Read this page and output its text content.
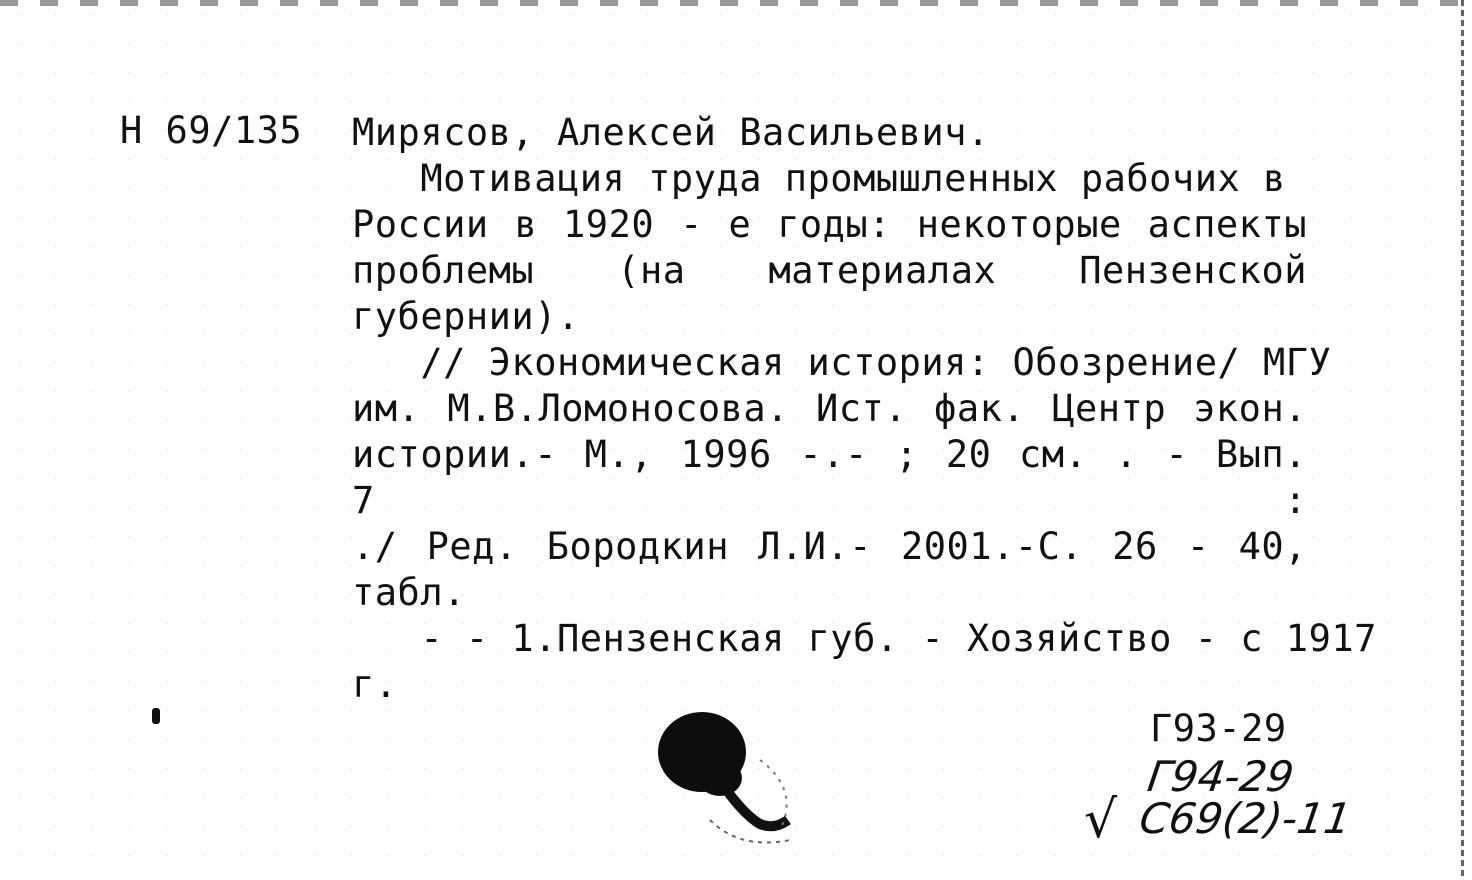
Н 69/135 Мирясов, Алексей Васильевич.
Мотивация труда промышленных рабочих в
России в 1920 - е годы: некоторые аспекты
проблемы (на материалах Пензенской губернии).
// Экономическая история: Обозрение/ МГУ
им. М.В.Ломоносова. Ист. фак. Центр экон.
истории.- М., 1996 -.- ; 20 см. . - Вып. 7 :
./ Ред. Бородкин Л.И.- 2001.-С. 26 - 40,
табл.
- - 1.Пензенская губ. - Хозяйство - с 1917
г.
Г93-29
Г94-29
√ С69(2)-11
